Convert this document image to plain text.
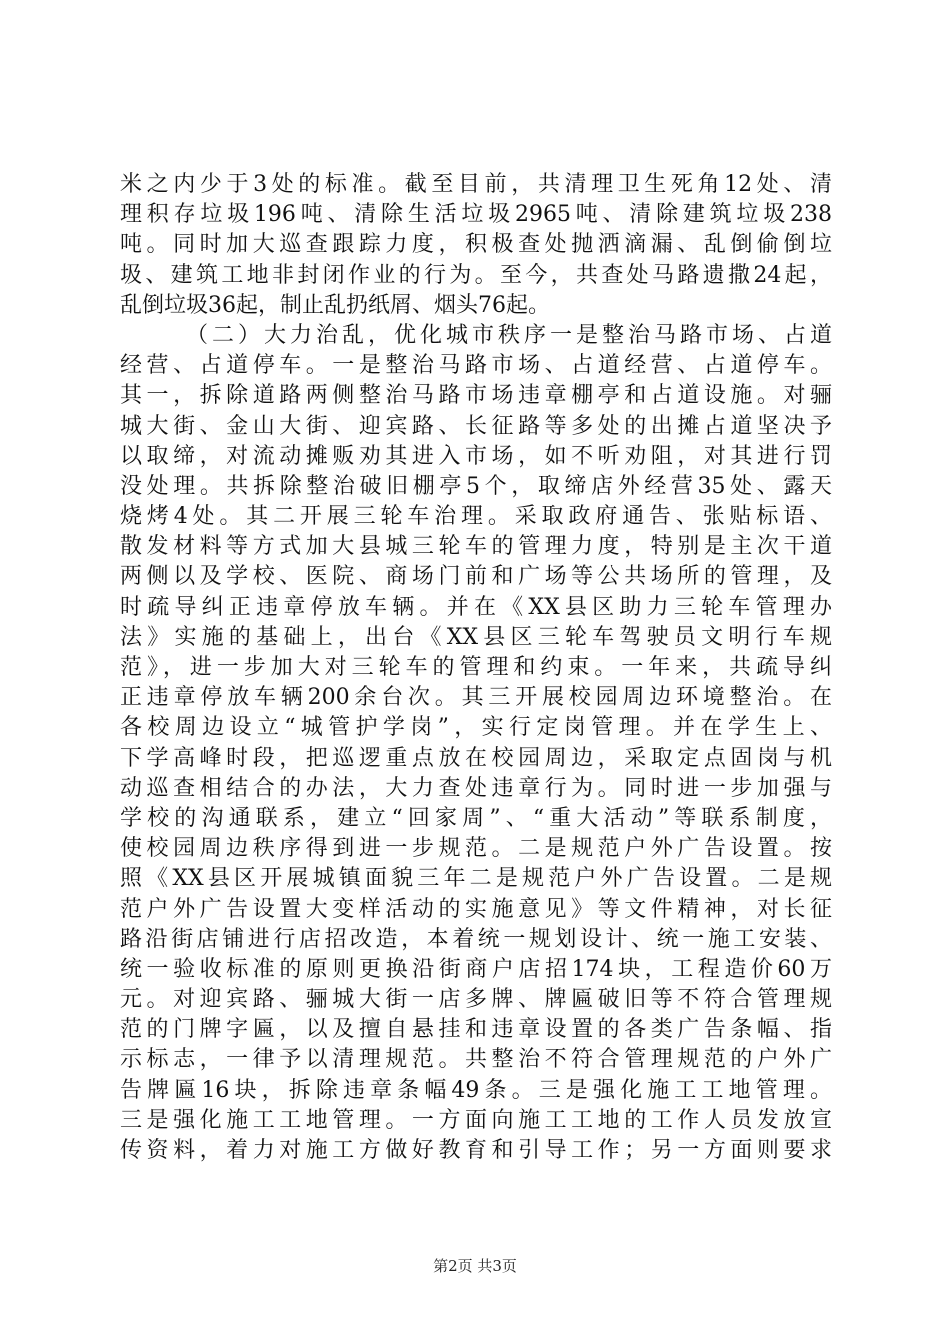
米之内少于3处的标准。截至目前，共清理卫生死角12处、清
理积存垃圾196吨、清除生活垃圾2965吨、清除建筑垃圾238
吨。同时加大巡查跟踪力度，积极查处抛洒滴漏、乱倒偷倒垃
圾、建筑工地非封闭作业的行为。至今，共查处马路遗撒24起，
乱倒垃圾36起，制止乱扔纸屑、烟头76起。
（二）大力治乱，优化城市秩序一是整治马路市场、占道
经营、占道停车。一是整治马路市场、占道经营、占道停车。
其一，拆除道路两侧整治马路市场违章棚亭和占道设施。对骊
城大街、金山大街、迎宾路、长征路等多处的出摊占道坚决予
以取缔，对流动摊贩劝其进入市场，如不听劝阻，对其进行罚
没处理。共拆除整治破旧棚亭5个，取缔店外经营35处、露天
烧烤4处。其二开展三轮车治理。采取政府通告、张贴标语、
散发材料等方式加大县城三轮车的管理力度，特别是主次干道
两侧以及学校、医院、商场门前和广场等公共场所的管理，及
时疏导纠正违章停放车辆。并在《XX县区助力三轮车管理办
法》实施的基础上，出台《XX县区三轮车驾驶员文明行车规
范》，进一步加大对三轮车的管理和约束。一年来，共疏导纠
正违章停放车辆200余台次。其三开展校园周边环境整治。在
各校周边设立“城管护学岗”，实行定岗管理。并在学生上、
下学高峰时段，把巡逻重点放在校园周边，采取定点固岗与机
动巡查相结合的办法，大力查处违章行为。同时进一步加强与
学校的沟通联系，建立“回家周”、“重大活动”等联系制度，
使校园周边秩序得到进一步规范。二是规范户外广告设置。按
照《XX县区开展城镇面貌三年二是规范户外广告设置。二是规
范户外广告设置大变样活动的实施意见》等文件精神，对长征
路沿街店铺进行店招改造，本着统一规划设计、统一施工安装、
统一验收标准的原则更换沿街商户店招174块，工程造价60万
元。对迎宾路、骊城大街一店多牌、牌匾破旧等不符合管理规
范的门牌字匾，以及擅自悬挂和违章设置的各类广告条幅、指
示标志，一律予以清理规范。共整治不符合管理规范的户外广
告牌匾16块，拆除违章条幅49条。三是强化施工工地管理。
三是强化施工工地管理。一方面向施工工地的工作人员发放宣
传资料，着力对施工方做好教育和引导工作；另一方面则要求
第2页 共3页
